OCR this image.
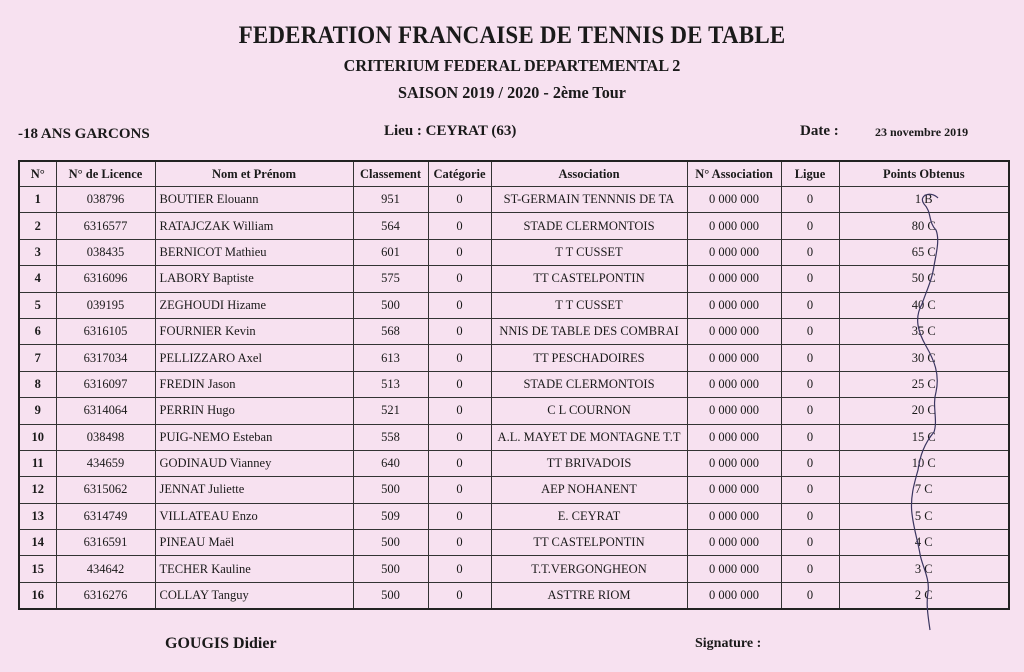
FEDERATION FRANCAISE DE TENNIS DE TABLE
CRITERIUM FEDERAL DEPARTEMENTAL 2
SAISON 2019 / 2020 - 2ème Tour
-18 ANS GARCONS	Lieu : CEYRAT (63)	Date :	23 novembre 2019
N°	N° de Licence	Nom et Prénom	Classement	Catégorie	Association	N° Association	Ligue	Points Obtenus
1	038796	BOUTIER Elouann	951	0	ST-GERMAIN TENNNIS DE TA	0 000 000	0	1 B
2	6316577	RATAJCZAK William	564	0	STADE CLERMONTOIS	0 000 000	0	80 C
3	038435	BERNICOT Mathieu	601	0	T T CUSSET	0 000 000	0	65 C
4	6316096	LABORY Baptiste	575	0	TT CASTELPONTIN	0 000 000	0	50 C
5	039195	ZEGHOUDI Hizame	500	0	T T CUSSET	0 000 000	0	40 C
6	6316105	FOURNIER Kevin	568	0	NNIS DE TABLE DES COMBRAI	0 000 000	0	35 C
7	6317034	PELLIZZARO Axel	613	0	TT PESCHADOIRES	0 000 000	0	30 C
8	6316097	FREDIN Jason	513	0	STADE CLERMONTOIS	0 000 000	0	25 C
9	6314064	PERRIN Hugo	521	0	C L COURNON	0 000 000	0	20 C
10	038498	PUIG-NEMO Esteban	558	0	A.L. MAYET DE MONTAGNE T.T	0 000 000	0	15 C
11	434659	GODINAUD Vianney	640	0	TT BRIVADOIS	0 000 000	0	10 C
12	6315062	JENNAT Juliette	500	0	AEP NOHANENT	0 000 000	0	7 C
13	6314749	VILLATEAU Enzo	509	0	E. CEYRAT	0 000 000	0	5 C
14	6316591	PINEAU Maël	500	0	TT CASTELPONTIN	0 000 000	0	4 C
15	434642	TECHER Kauline	500	0	T.T.VERGONGHEON	0 000 000	0	3 C
16	6316276	COLLAY Tanguy	500	0	ASTTRE RIOM	0 000 000	0	2 C
GOUGIS Didier	Signature :
